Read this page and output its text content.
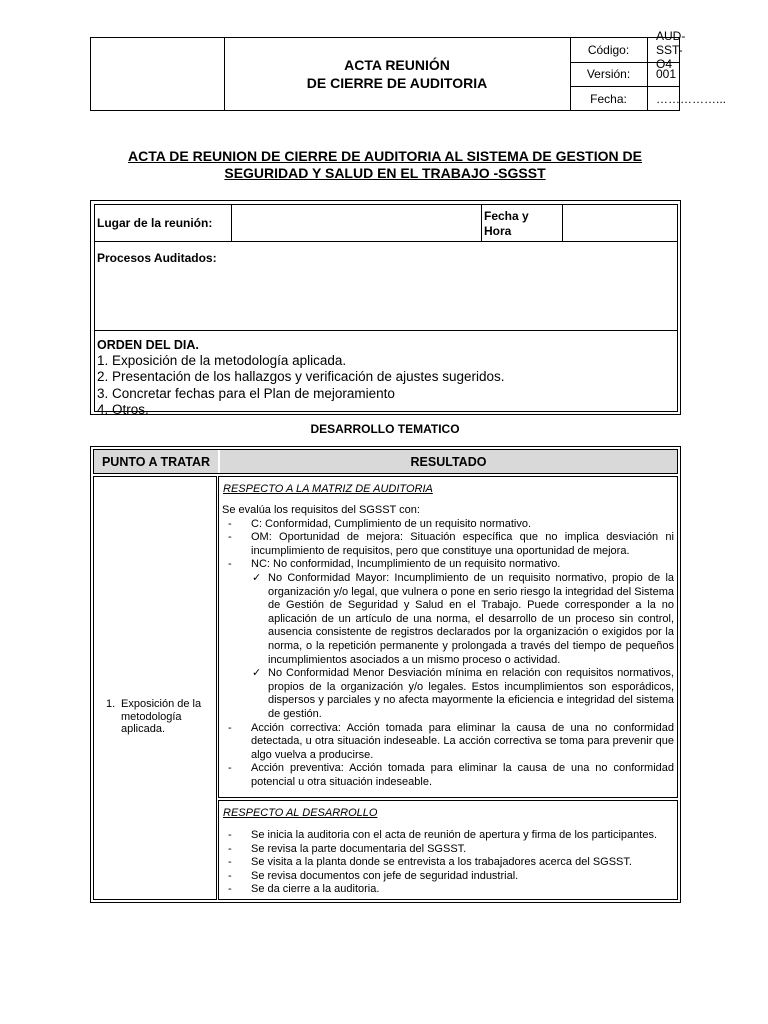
ACTA REUNIÓN
DE CIERRE DE AUDITORIA
Código:
AUD-SST-O4
Versión:	001
Fecha:	……………...
ACTA DE REUNION DE CIERRE DE AUDITORIA AL SISTEMA DE GESTION DE
SEGURIDAD Y SALUD EN EL TRABAJO -SGSST
Lugar de la reunión:	Fecha y
Hora
Procesos Auditados:
ORDEN DEL DIA.
1. Exposición de la metodología aplicada.
2. Presentación de los hallazgos y verificación de ajustes sugeridos.
3. Concretar fechas para el Plan de mejoramiento
4. Otros.
DESARROLLO TEMATICO
PUNTO A TRATAR	RESULTADO
1. Exposición de la metodología aplicada.
RESPECTO A LA MATRIZ DE AUDITORIA
Se evalúa los requisitos del SGSST con:
-	C: Conformidad, Cumplimiento de un requisito normativo.
-	OM: Oportunidad de mejora: Situación específica que no implica desviación ni incumplimiento de requisitos, pero que constituye una oportunidad de mejora.
-	NC: No conformidad, Incumplimiento de un requisito normativo.
✓ No Conformidad Mayor: Incumplimiento de un requisito normativo, propio de la organización y/o legal, que vulnera o pone en serio riesgo la integridad del Sistema de Gestión de Seguridad y Salud en el Trabajo. Puede corresponder a la no aplicación de un artículo de una norma, el desarrollo de un proceso sin control, ausencia consistente de registros declarados por la organización o exigidos por la norma, o la repetición permanente y prolongada a través del tiempo de pequeños incumplimientos asociados a un mismo proceso o actividad.
✓ No Conformidad Menor Desviación mínima en relación con requisitos normativos, propios de la organización y/o legales. Estos incumplimientos son esporádicos, dispersos y parciales y no afecta mayormente la eficiencia e integridad del sistema de gestión.
-	Acción correctiva: Acción tomada para eliminar la causa de una no conformidad detectada, u otra situación indeseable. La acción correctiva se toma para prevenir que algo vuelva a producirse.
-	Acción preventiva: Acción tomada para eliminar la causa de una no conformidad potencial u otra situación indeseable.
RESPECTO AL DESARROLLO
-	Se inicia la auditoria con el acta de reunión de apertura y firma de los participantes.
-	Se revisa la parte documentaria del SGSST.
-	Se visita a la planta donde se entrevista a los trabajadores acerca del SGSST.
-	Se revisa documentos con jefe de seguridad industrial.
-	Se da cierre a la auditoria.
